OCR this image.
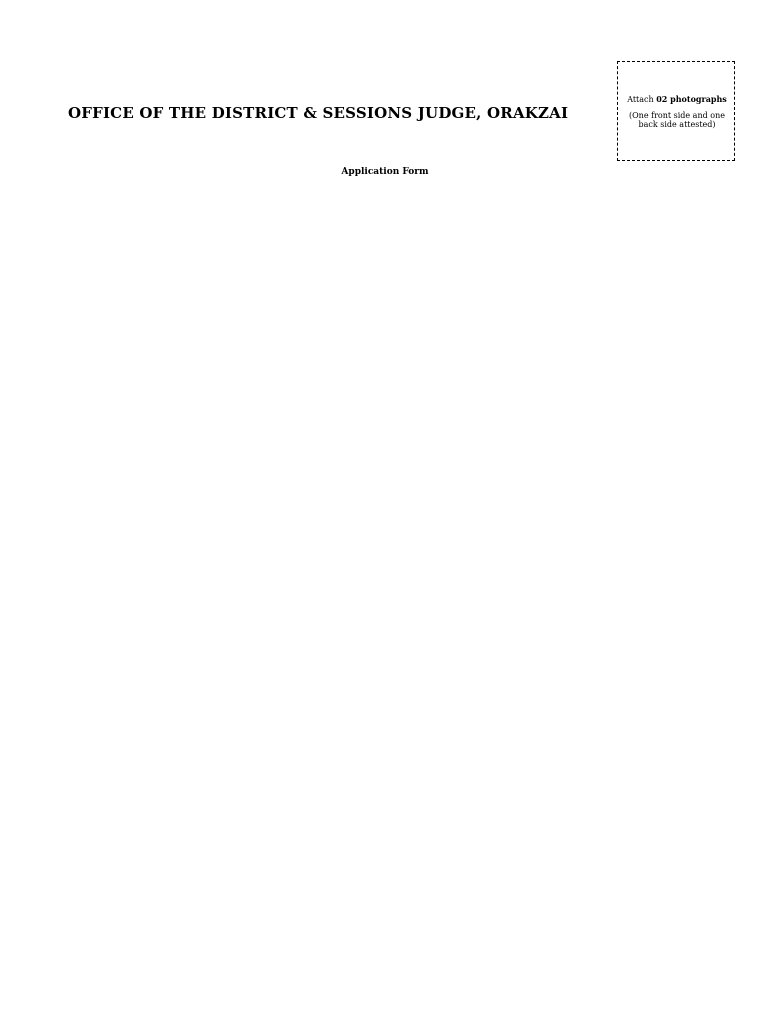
OFFICE OF THE DISTRICT & SESSIONS JUDGE, ORAKZAI
Attach 02 photographs
(One front side and one
back side attested)
Application Form
